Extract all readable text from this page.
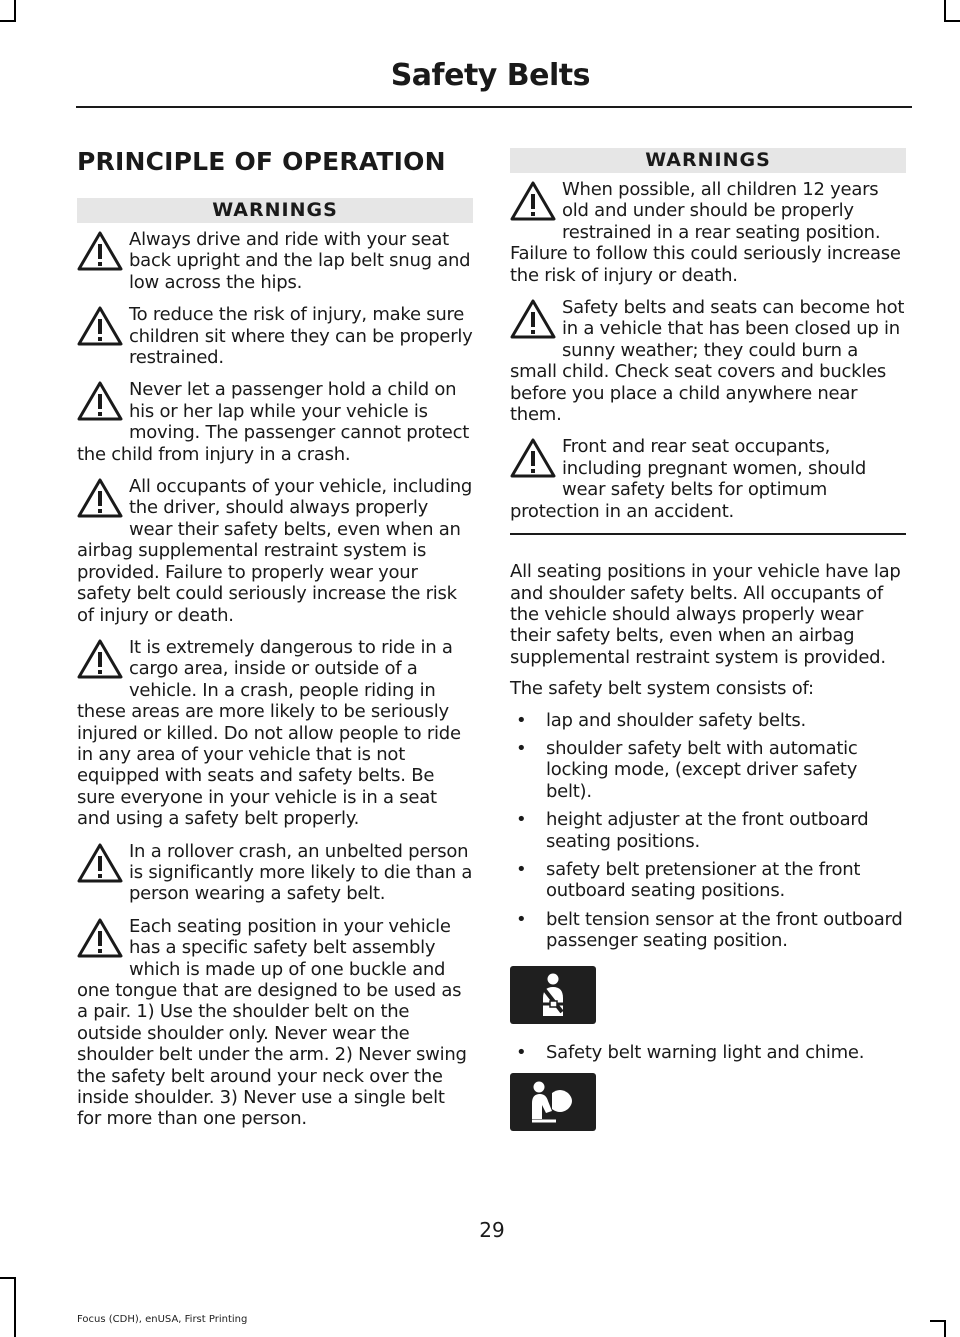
Safety Belts
PRINCIPLE OF OPERATION
WARNINGS
Always drive and ride with your seat back upright and the lap belt snug and low across the hips.
To reduce the risk of injury, make sure children sit where they can be properly restrained.
Never let a passenger hold a child on his or her lap while your vehicle is moving. The passenger cannot protect the child from injury in a crash.
All occupants of your vehicle, including the driver, should always properly wear their safety belts, even when an airbag supplemental restraint system is provided. Failure to properly wear your safety belt could seriously increase the risk of injury or death.
It is extremely dangerous to ride in a cargo area, inside or outside of a vehicle. In a crash, people riding in these areas are more likely to be seriously injured or killed. Do not allow people to ride in any area of your vehicle that is not equipped with seats and safety belts. Be sure everyone in your vehicle is in a seat and using a safety belt properly.
In a rollover crash, an unbelted person is significantly more likely to die than a person wearing a safety belt.
Each seating position in your vehicle has a specific safety belt assembly which is made up of one buckle and one tongue that are designed to be used as a pair. 1) Use the shoulder belt on the outside shoulder only. Never wear the shoulder belt under the arm. 2) Never swing the safety belt around your neck over the inside shoulder. 3) Never use a single belt for more than one person.
WARNINGS
When possible, all children 12 years old and under should be properly restrained in a rear seating position. Failure to follow this could seriously increase the risk of injury or death.
Safety belts and seats can become hot in a vehicle that has been closed up in sunny weather; they could burn a small child. Check seat covers and buckles before you place a child anywhere near them.
Front and rear seat occupants, including pregnant women, should wear safety belts for optimum protection in an accident.

All seating positions in your vehicle have lap and shoulder safety belts. All occupants of the vehicle should always properly wear their safety belts, even when an airbag supplemental restraint system is provided.

The safety belt system consists of:

• lap and shoulder safety belts.
• shoulder safety belt with automatic locking mode, (except driver safety belt).
• height adjuster at the front outboard seating positions.
• safety belt pretensioner at the front outboard seating positions.
• belt tension sensor at the front outboard passenger seating position.
• Safety belt warning light and chime.
29
Focus (CDH), enUSA, First Printing
